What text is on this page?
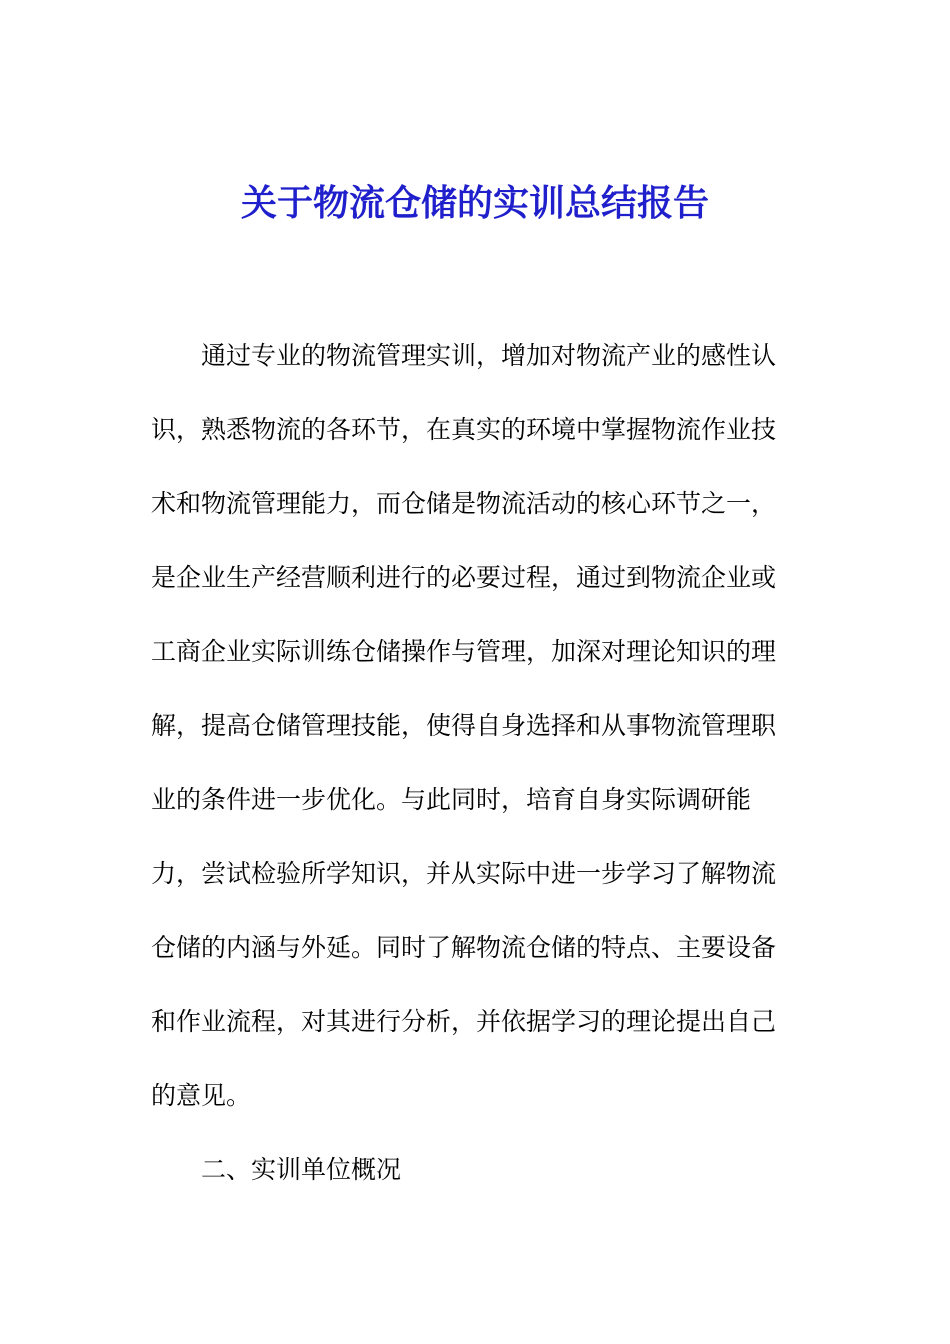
关于物流仓储的实训总结报告
通过专业的物流管理实训，增加对物流产业的感性认
识，熟悉物流的各环节，在真实的环境中掌握物流作业技
术和物流管理能力，而仓储是物流活动的核心环节之一，
是企业生产经营顺利进行的必要过程，通过到物流企业或
工商企业实际训练仓储操作与管理，加深对理论知识的理
解，提高仓储管理技能，使得自身选择和从事物流管理职
业的条件进一步优化。与此同时，培育自身实际调研能
力，尝试检验所学知识，并从实际中进一步学习了解物流
仓储的内涵与外延。同时了解物流仓储的特点、主要设备
和作业流程，对其进行分析，并依据学习的理论提出自己
的意见。
二、实训单位概况
